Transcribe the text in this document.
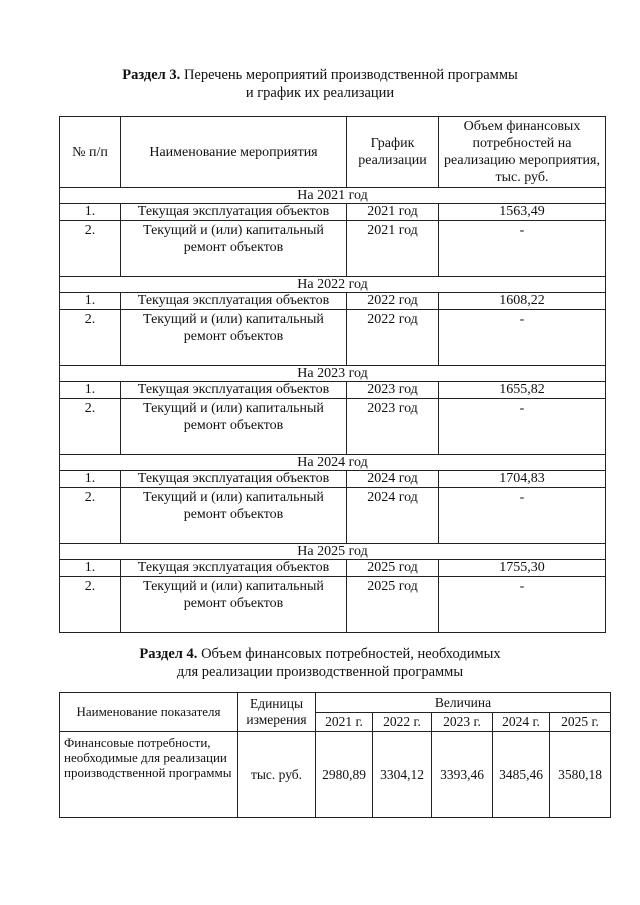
Раздел 3. Перечень мероприятий производственной программы
и график их реализации
№ п/п	Наименование мероприятия	График реализации	Объем финансовых потребностей на реализацию мероприятия, тыс. руб.
На 2021 год			
1.	Текущая эксплуатация объектов	2021 год	1563,49
2.	Текущий и (или) капитальный ремонт объектов	2021 год	-
На 2022 год			
1.	Текущая эксплуатация объектов	2022 год	1608,22
2.	Текущий и (или) капитальный ремонт объектов	2022 год	-
На 2023 год			
1.	Текущая эксплуатация объектов	2023 год	1655,82
2.	Текущий и (или) капитальный ремонт объектов	2023 год	-
На 2024 год			
1.	Текущая эксплуатация объектов	2024 год	1704,83
2.	Текущий и (или) капитальный ремонт объектов	2024 год	-
На 2025 год			
1.	Текущая эксплуатация объектов	2025 год	1755,30
2.	Текущий и (или) капитальный ремонт объектов	2025 год	-
Раздел 4. Объем финансовых потребностей, необходимых
для реализации производственной программы
Наименование показателя	Единицы измерения	Величина				
		2021 г.	2022 г.	2023 г.	2024 г.	2025 г.
Финансовые потребности, необходимые для реализации производственной программы	тыс. руб.	2980,89	3304,12	3393,46	3485,46	3580,18
